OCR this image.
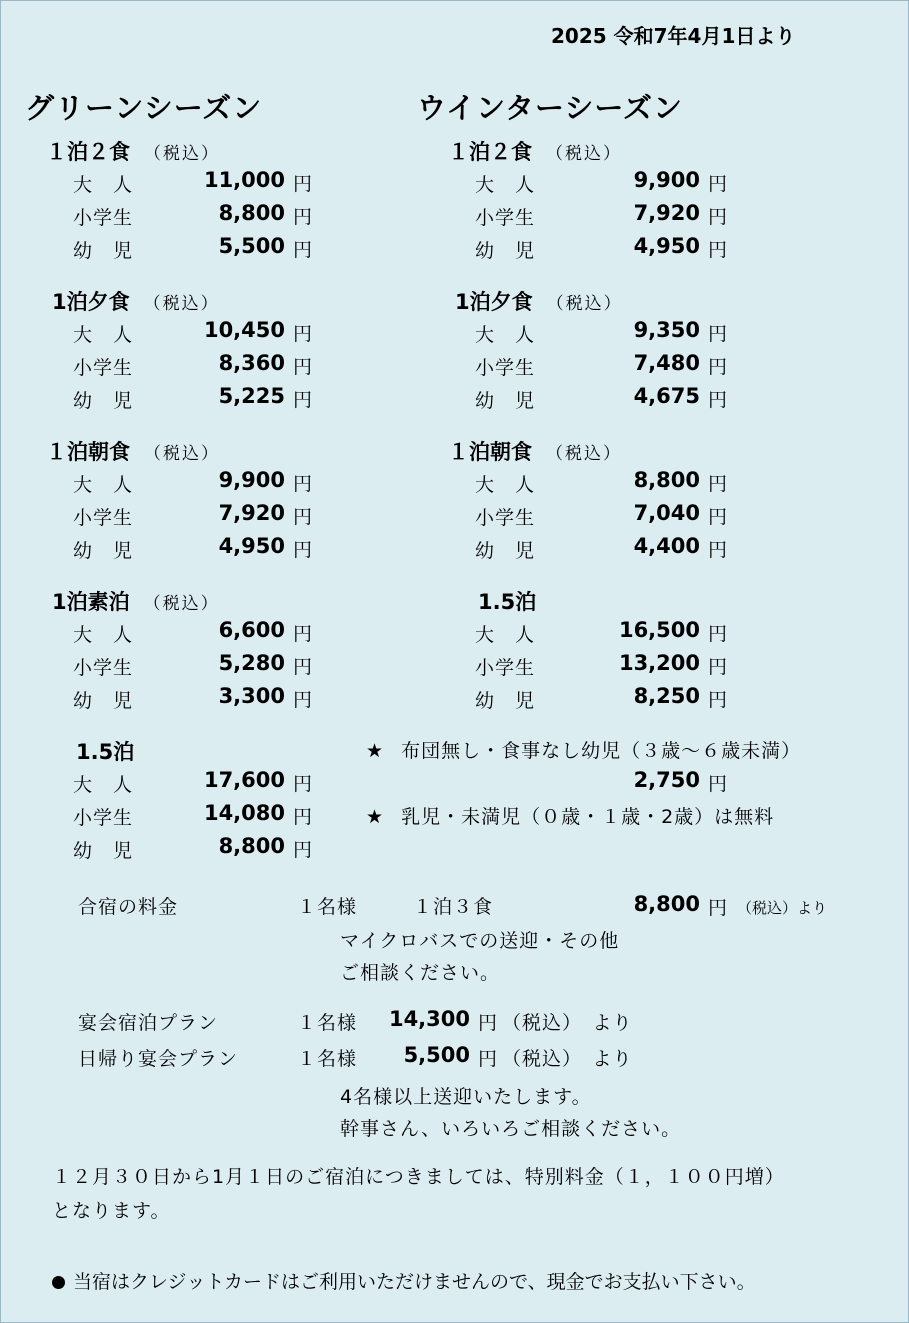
2025 令和7年4月1日より
グリーンシーズン	ウインターシーズン
１泊２食 （税込）
大　人	11,000 円
小学生	8,800 円
幼　児	5,500 円
1泊夕食 （税込）
大　人	10,450 円
小学生	8,360 円
幼　児	5,225 円
１泊朝食 （税込）
大　人	9,900 円
小学生	7,920 円
幼　児	4,950 円
1泊素泊 （税込）
大　人	6,600 円
小学生	5,280 円
幼　児	3,300 円
1.5泊
大　人	17,600 円
小学生	14,080 円
幼　児	8,800 円
１泊２食 （税込）
大　人	9,900 円
小学生	7,920 円
幼　児	4,950 円
1泊夕食 （税込）
大　人	9,350 円
小学生	7,480 円
幼　児	4,675 円
１泊朝食 （税込）
大　人	8,800 円
小学生	7,040 円
幼　児	4,400 円
1.5泊
大　人	16,500 円
小学生	13,200 円
幼　児	8,250 円
★ 布団無し・食事なし幼児（３歳～６歳未満）
2,750 円
★ 乳児・未満児（０歳・１歳・2歳）は無料
合宿の料金	１名様	１泊３食	8,800 円 （税込）より
マイクロバスでの送迎・その他
ご相談ください。
宴会宿泊プラン	１名様	14,300 円 （税込）　より
日帰り宴会プラン	１名様	5,500 円 （税込）　より
4名様以上送迎いたします。
幹事さん、いろいろご相談ください。
１２月３０日から1月１日のご宿泊につきましては、特別料金（１，１００円増）
となります。
当宿はクレジットカードはご利用いただけませんので、現金でお支払い下さい。
